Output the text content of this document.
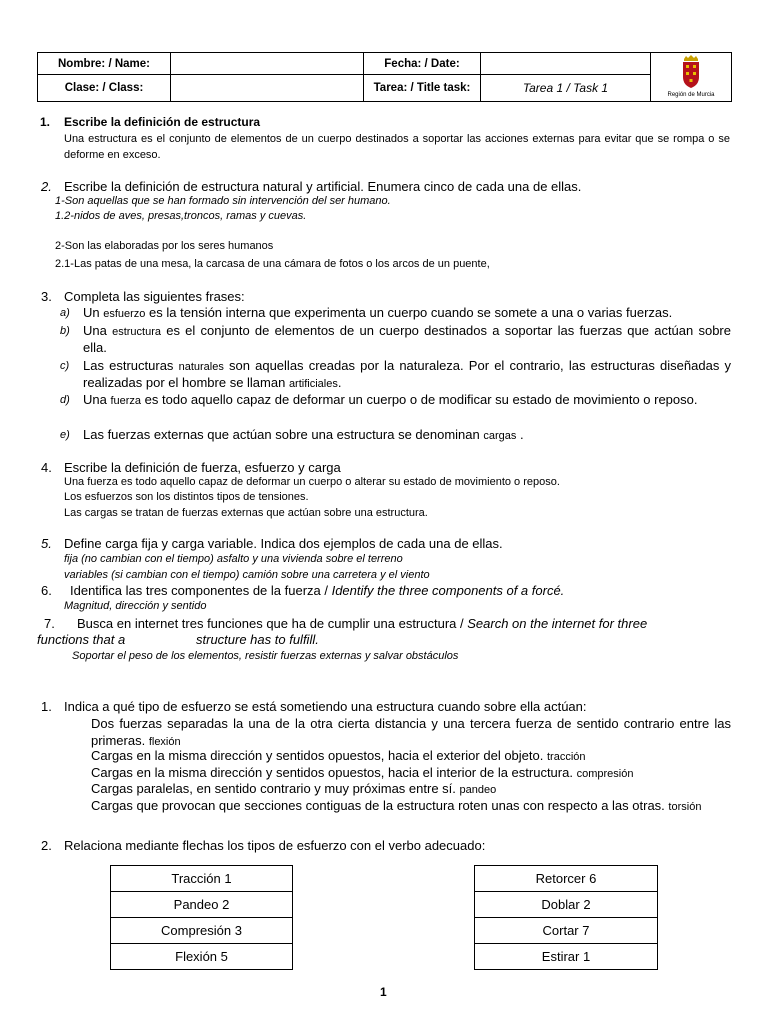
Nombre: / Name:		Fecha: / Date:		Región de Murcia

Clase: / Class:		Tarea: / Title task:	Tarea 1 / Task 1	
1. Escribe la definición de estructura
Una estructura es el conjunto de elementos de un cuerpo destinados a soportar las acciones externas para evitar que se rompa o se deforme en exceso.
2. Escribe la definición de estructura natural y artificial. Enumera cinco de cada una de ellas.
1-Son aquellas que se han formado sin intervención del ser humano.
1.2-nidos de aves, presas,troncos, ramas y cuevas.
2-Son las elaboradas por los seres humanos
2.1-Las patas de una mesa, la carcasa de una cámara de fotos o los arcos de un puente,
3. Completa las siguientes frases:
a) Un esfuerzo es la tensión interna que experimenta un cuerpo cuando se somete a una o varias fuerzas.
b) Una estructura es el conjunto de elementos de un cuerpo destinados a soportar las fuerzas que actúan sobre ella.
c) Las estructuras naturales son aquellas creadas por la naturaleza. Por el contrario, las estructuras diseñadas y realizadas por el hombre se llaman artificiales.
d) Una fuerza es todo aquello capaz de deformar un cuerpo o de modificar su estado de movimiento o reposo.
e) Las fuerzas externas que actúan sobre una estructura se denominan cargas .
4. Escribe la definición de fuerza, esfuerzo y carga
Una fuerza es todo aquello capaz de deformar un cuerpo o alterar su estado de movimiento o reposo.
Los esfuerzos son los distintos tipos de tensiones.
Las cargas se tratan de fuerzas externas que actúan sobre una estructura.
5. Define carga fija y carga variable. Indica dos ejemplos de cada una de ellas.
fija (no cambian con el tiempo) asfalto y una vivienda sobre el terreno
variables (si cambian con el tiempo) camión sobre una carretera y el viento
6. Identifica las tres componentes de la fuerza / Identify the three components of a forcé.
Magnitud, dirección y sentido
7. Busca en internet tres funciones que ha de cumplir una estructura / Search on the internet for three
functions that a	structure has to fulfill.
Soportar el peso de los elementos, resistir fuerzas externas y salvar obstáculos
1. Indica a qué tipo de esfuerzo se está sometiendo una estructura cuando sobre ella actúan:
Dos fuerzas separadas la una de la otra cierta distancia y una tercera fuerza de sentido contrario entre las primeras. flexión
Cargas en la misma dirección y sentidos opuestos, hacia el exterior del objeto. tracción
Cargas en la misma dirección y sentidos opuestos, hacia el interior de la estructura. compresión
Cargas paralelas, en sentido contrario y muy próximas entre sí. pandeo
Cargas que provocan que secciones contiguas de la estructura roten unas con respecto a las otras. torsión
2. Relaciona mediante flechas los tipos de esfuerzo con el verbo adecuado:
Tracción 1
Pandeo 2
Compresión 3
Flexión 5
Retorcer 6
Doblar 2
Cortar 7
Estirar 1
1
